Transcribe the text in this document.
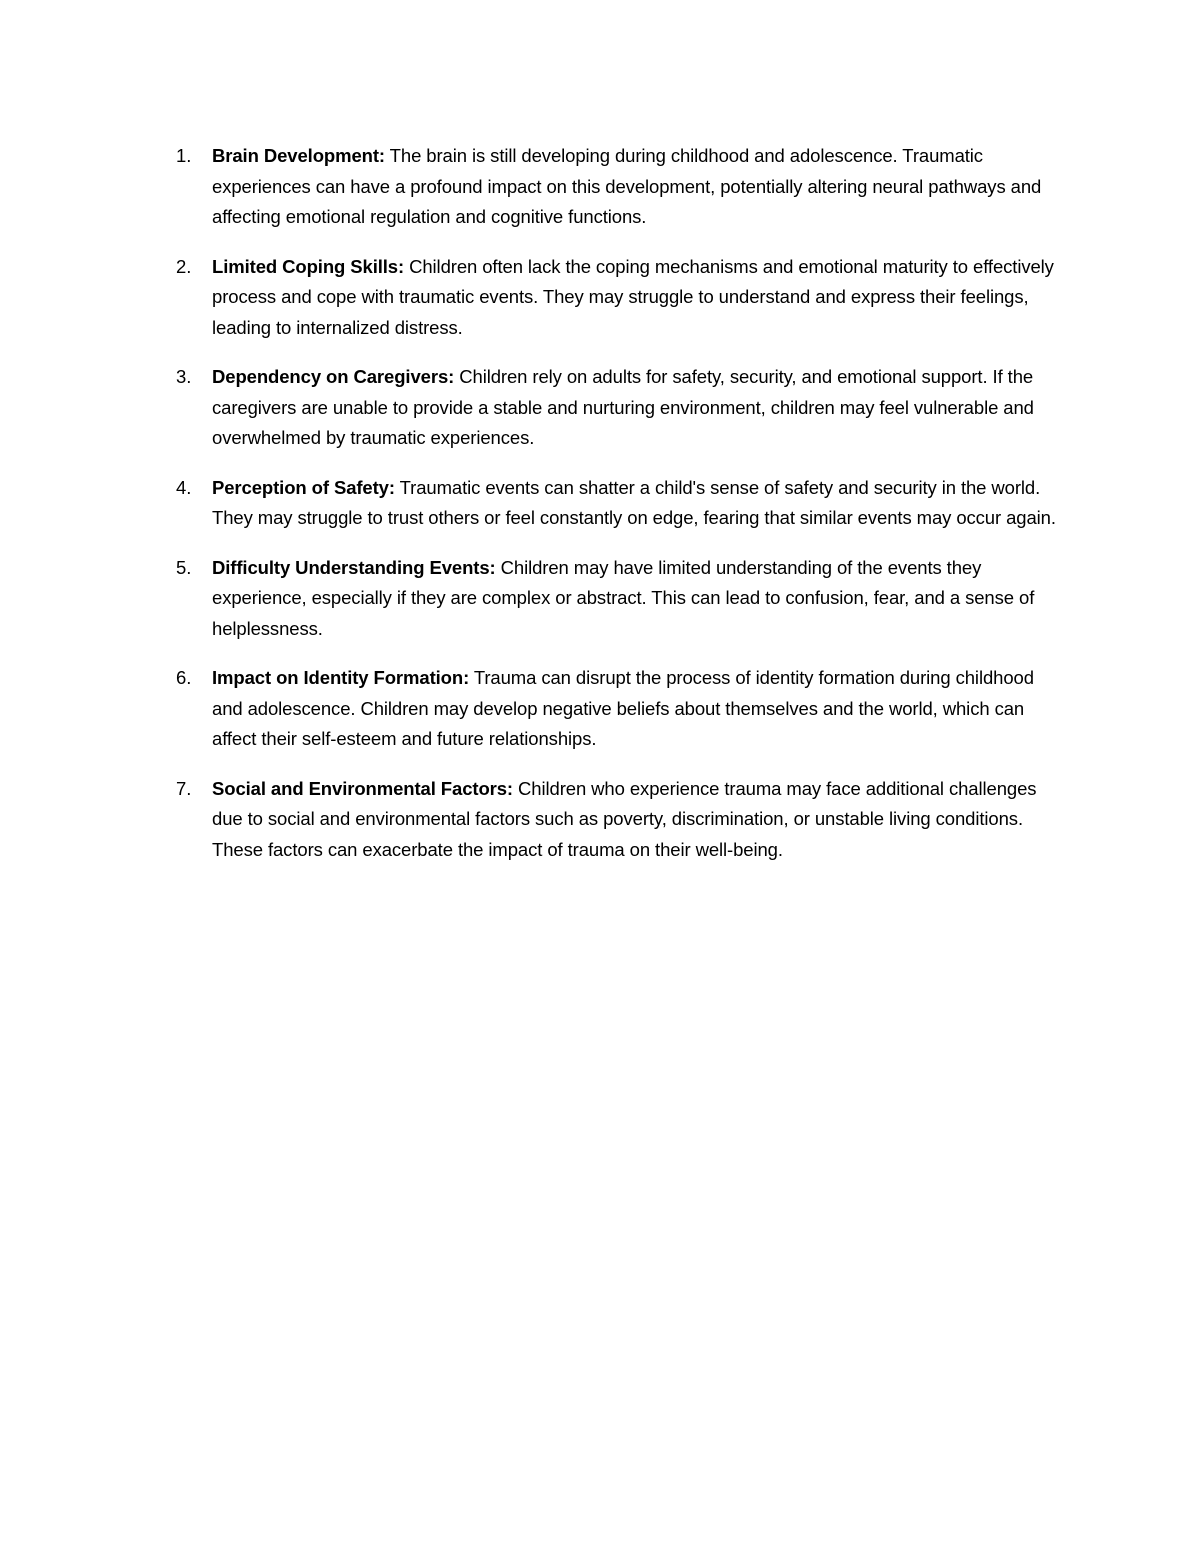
1. Brain Development: The brain is still developing during childhood and adolescence. Traumatic experiences can have a profound impact on this development, potentially altering neural pathways and affecting emotional regulation and cognitive functions.
2. Limited Coping Skills: Children often lack the coping mechanisms and emotional maturity to effectively process and cope with traumatic events. They may struggle to understand and express their feelings, leading to internalized distress.
3. Dependency on Caregivers: Children rely on adults for safety, security, and emotional support. If the caregivers are unable to provide a stable and nurturing environment, children may feel vulnerable and overwhelmed by traumatic experiences.
4. Perception of Safety: Traumatic events can shatter a child's sense of safety and security in the world. They may struggle to trust others or feel constantly on edge, fearing that similar events may occur again.
5. Difficulty Understanding Events: Children may have limited understanding of the events they experience, especially if they are complex or abstract. This can lead to confusion, fear, and a sense of helplessness.
6. Impact on Identity Formation: Trauma can disrupt the process of identity formation during childhood and adolescence. Children may develop negative beliefs about themselves and the world, which can affect their self-esteem and future relationships.
7. Social and Environmental Factors: Children who experience trauma may face additional challenges due to social and environmental factors such as poverty, discrimination, or unstable living conditions. These factors can exacerbate the impact of trauma on their well-being.
